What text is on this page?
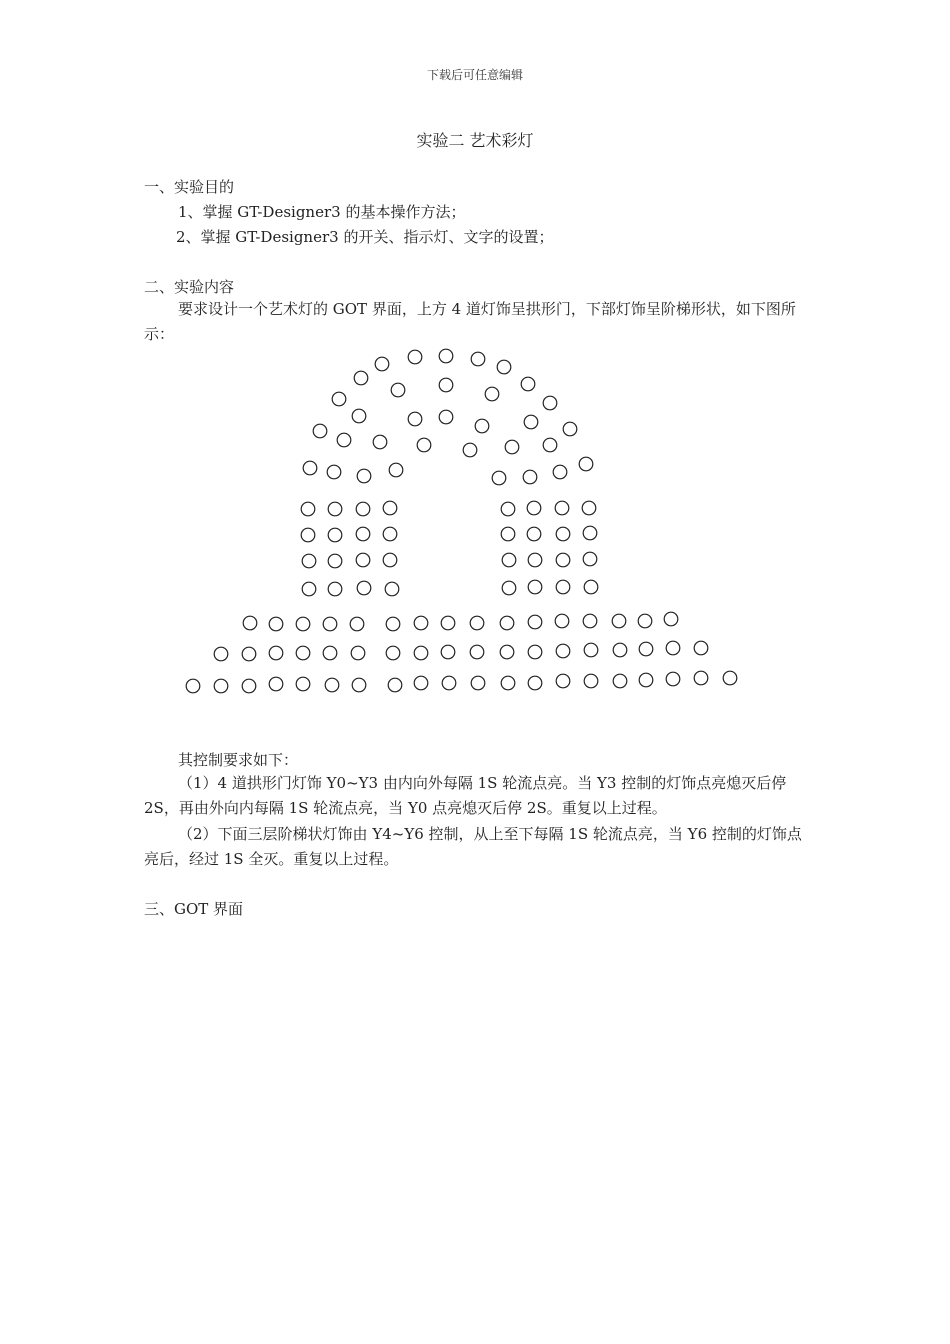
下载后可任意编辑
实验二 艺术彩灯
一、实验目的
1、掌握 GT-Designer3 的基本操作方法；
2、掌握 GT-Designer3 的开关、指示灯、文字的设置；
二、实验内容
要求设计一个艺术灯的 GOT 界面，上方 4 道灯饰呈拱形门，下部灯饰呈阶梯形状，如下图所示：
其控制要求如下：
（1）4 道拱形门灯饰 Y0~Y3 由内向外每隔 1S 轮流点亮。当 Y3 控制的灯饰点亮熄灭后停 2S，再由外向内每隔 1S 轮流点亮，当 Y0 点亮熄灭后停 2S。重复以上过程。
（2）下面三层阶梯状灯饰由 Y4~Y6 控制，从上至下每隔 1S 轮流点亮，当 Y6 控制的灯饰点亮后，经过 1S 全灭。重复以上过程。
三、GOT 界面
